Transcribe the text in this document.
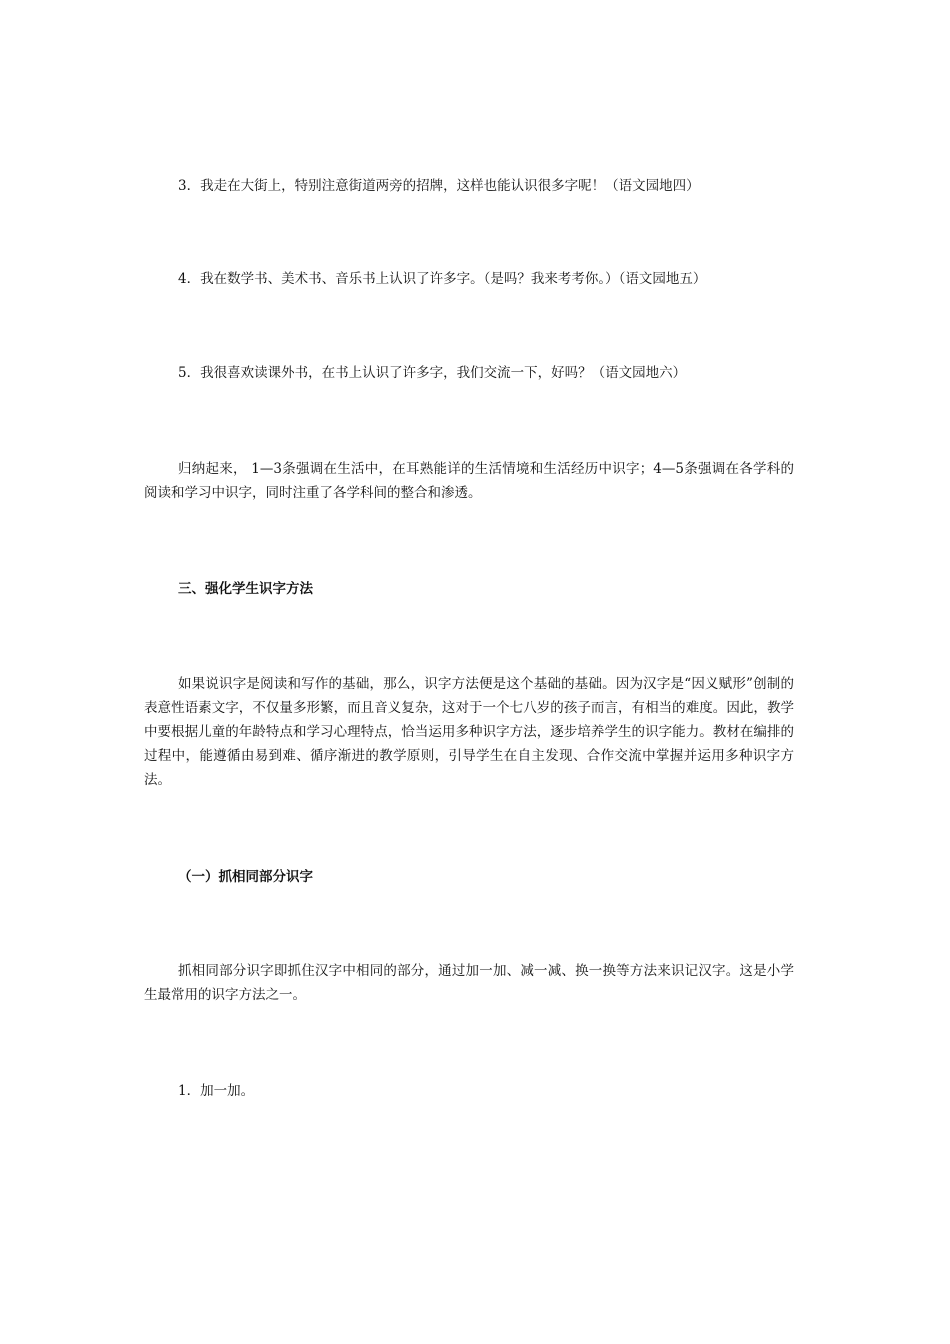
3．我走在大街上，特别注意街道两旁的招牌，这样也能认识很多字呢！（语文园地四）
4．我在数学书、美术书、音乐书上认识了许多字。（是吗？我来考考你。）（语文园地五）
5．我很喜欢读课外书，在书上认识了许多字，我们交流一下，好吗？（语文园地六）
归纳起来， 1—3条强调在生活中，在耳熟能详的生活情境和生活经历中识字；4—5条强调在各学科的阅读和学习中识字，同时注重了各学科间的整合和渗透。
三、强化学生识字方法
如果说识字是阅读和写作的基础，那么，识字方法便是这个基础的基础。因为汉字是“因义赋形”创制的表意性语素文字，不仅量多形繁，而且音义复杂，这对于一个七八岁的孩子而言，有相当的难度。因此，教学中要根据儿童的年龄特点和学习心理特点，恰当运用多种识字方法，逐步培养学生的识字能力。教材在编排的过程中，能遵循由易到难、循序渐进的教学原则，引导学生在自主发现、合作交流中掌握并运用多种识字方法。
（一）抓相同部分识字
抓相同部分识字即抓住汉字中相同的部分，通过加一加、减一减、换一换等方法来识记汉字。这是小学生最常用的识字方法之一。
1．加一加。
